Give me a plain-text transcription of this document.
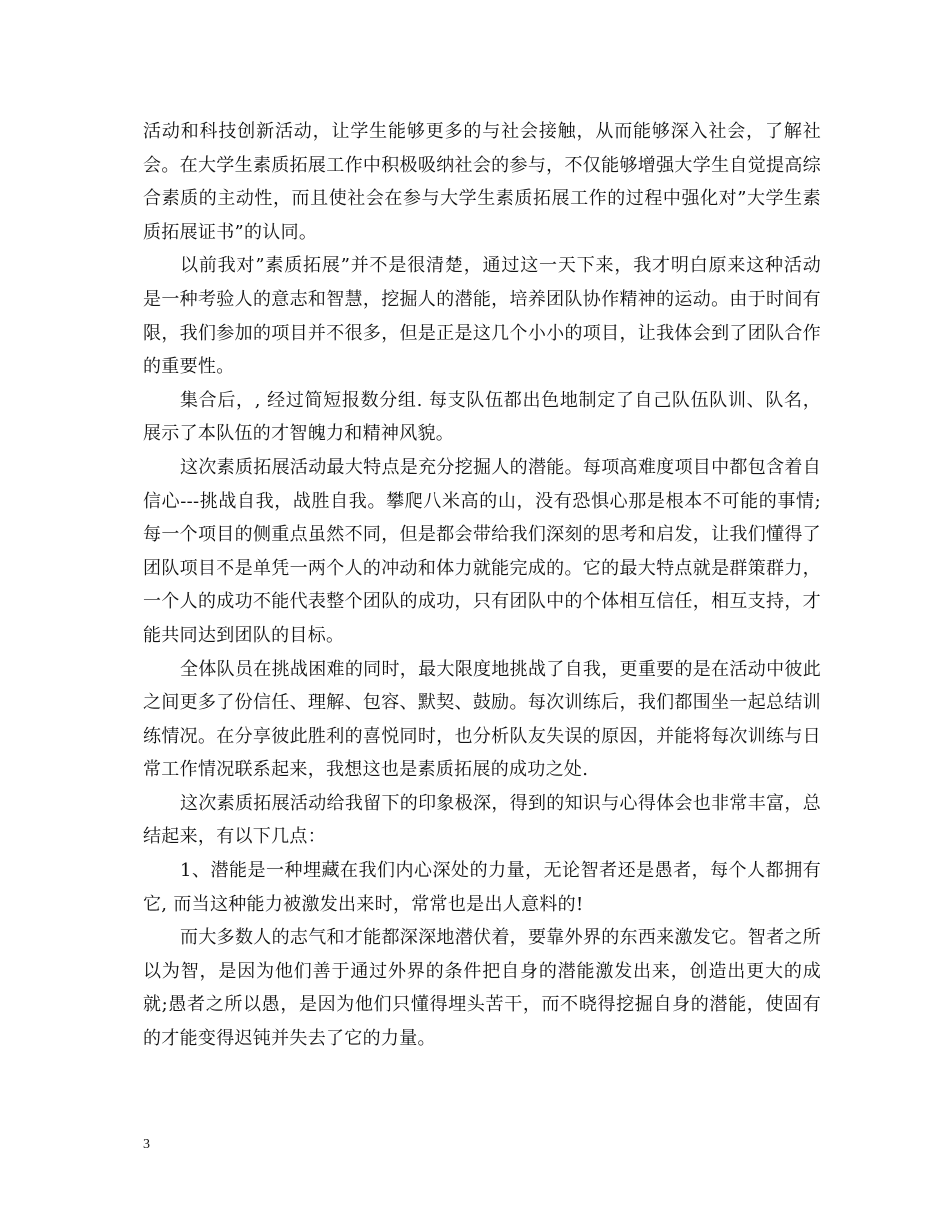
活动和科技创新活动，让学生能够更多的与社会接触，从而能够深入社会，了解社会。在大学生素质拓展工作中积极吸纳社会的参与，不仅能够增强大学生自觉提高综合素质的主动性，而且使社会在参与大学生素质拓展工作的过程中强化对”大学生素质拓展证书”的认同。

以前我对”素质拓展”并不是很清楚，通过这一天下来，我才明白原来这种活动是一种考验人的意志和智慧，挖掘人的潜能，培养团队协作精神的运动。由于时间有限，我们参加的项目并不很多，但是正是这几个小小的项目，让我体会到了团队合作的重要性。

集合后，, 经过简短报数分组. 每支队伍都出色地制定了自己队伍队训、队名，展示了本队伍的才智魄力和精神风貌。

这次素质拓展活动最大特点是充分挖掘人的潜能。每项高难度项目中都包含着自信心---挑战自我，战胜自我。攀爬八米高的山，没有恐惧心那是根本不可能的事情;每一个项目的侧重点虽然不同，但是都会带给我们深刻的思考和启发，让我们懂得了团队项目不是单凭一两个人的冲动和体力就能完成的。它的最大特点就是群策群力，一个人的成功不能代表整个团队的成功，只有团队中的个体相互信任，相互支持，才能共同达到团队的目标。

全体队员在挑战困难的同时，最大限度地挑战了自我，更重要的是在活动中彼此之间更多了份信任、理解、包容、默契、鼓励。每次训练后，我们都围坐一起总结训练情况。在分享彼此胜利的喜悦同时，也分析队友失误的原因，并能将每次训练与日常工作情况联系起来，我想这也是素质拓展的成功之处.

这次素质拓展活动给我留下的印象极深，得到的知识与心得体会也非常丰富，总结起来，有以下几点：

1、潜能是一种埋藏在我们内心深处的力量，无论智者还是愚者，每个人都拥有它, 而当这种能力被激发出来时，常常也是出人意料的!

而大多数人的志气和才能都深深地潜伏着，要靠外界的东西来激发它。智者之所以为智，是因为他们善于通过外界的条件把自身的潜能激发出来，创造出更大的成就;愚者之所以愚，是因为他们只懂得埋头苦干，而不晓得挖掘自身的潜能，使固有的才能变得迟钝并失去了它的力量。

3
